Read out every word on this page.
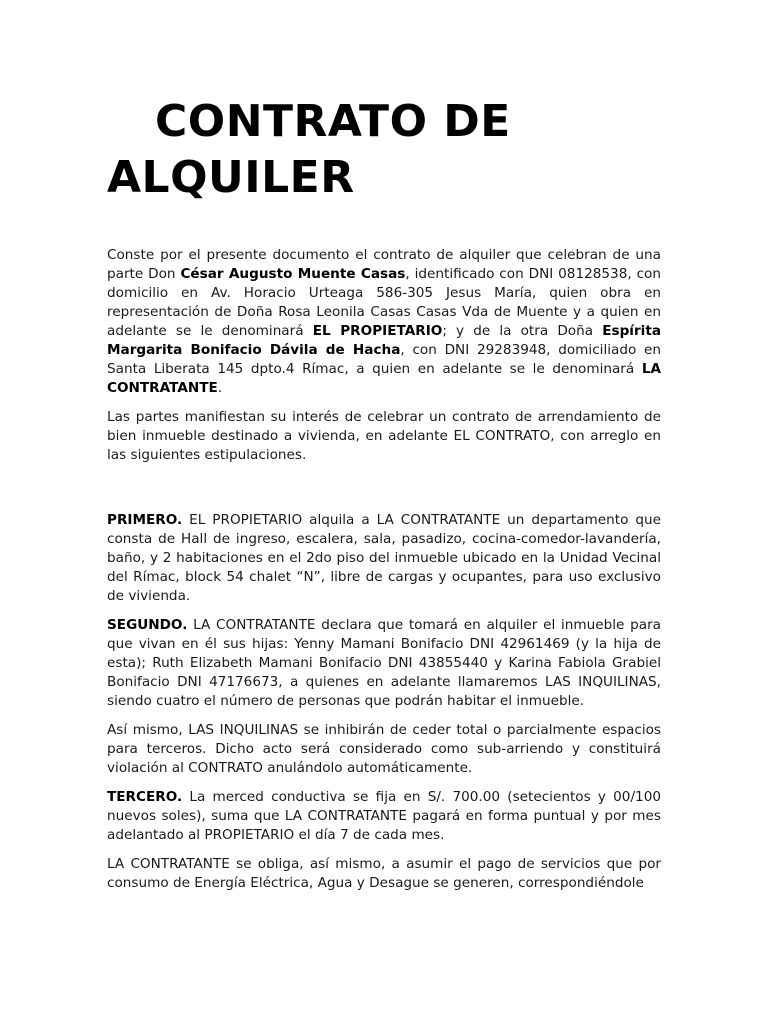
CONTRATO DE
ALQUILER

Conste por el presente documento el contrato de alquiler que celebran de una parte Don César Augusto Muente Casas, identificado con DNI 08128538, con domicilio en Av. Horacio Urteaga 586-305 Jesus María, quien obra en representación de Doña Rosa Leonila Casas Casas Vda de Muente y a quien en adelante se le denominará EL PROPIETARIO; y de la otra Doña Espírita Margarita Bonifacio Dávila de Hacha, con DNI 29283948, domiciliado en Santa Liberata 145 dpto.4 Rímac, a quien en adelante se le denominará LA CONTRATANTE.

Las partes manifiestan su interés de celebrar un contrato de arrendamiento de bien inmueble destinado a vivienda, en adelante EL CONTRATO, con arreglo en las siguientes estipulaciones.

PRIMERO. EL PROPIETARIO alquila a LA CONTRATANTE un departamento que consta de Hall de ingreso, escalera, sala, pasadizo, cocina-comedor-lavandería, baño, y 2 habitaciones en el 2do piso del inmueble ubicado en la Unidad Vecinal del Rímac, block 54 chalet “N”, libre de cargas y ocupantes, para uso exclusivo de vivienda.

SEGUNDO. LA CONTRATANTE declara que tomará en alquiler el inmueble para que vivan en él sus hijas: Yenny Mamani Bonifacio DNI 42961469 (y la hija de esta); Ruth Elizabeth Mamani Bonifacio DNI 43855440 y Karina Fabiola Grabiel Bonifacio DNI 47176673, a quienes en adelante llamaremos LAS INQUILINAS, siendo cuatro el número de personas que podrán habitar el inmueble.

Así mismo, LAS INQUILINAS se inhibirán de ceder total o parcialmente espacios para terceros. Dicho acto será considerado como sub-arriendo y constituirá violación al CONTRATO anulándolo automáticamente.

TERCERO. La merced conductiva se fija en S/. 700.00 (setecientos y 00/100 nuevos soles), suma que LA CONTRATANTE pagará en forma puntual y por mes adelantado al PROPIETARIO el día 7 de cada mes.

LA CONTRATANTE se obliga, así mismo, a asumir el pago de servicios que por consumo de Energía Eléctrica, Agua y Desague se generen, correspondiéndole
